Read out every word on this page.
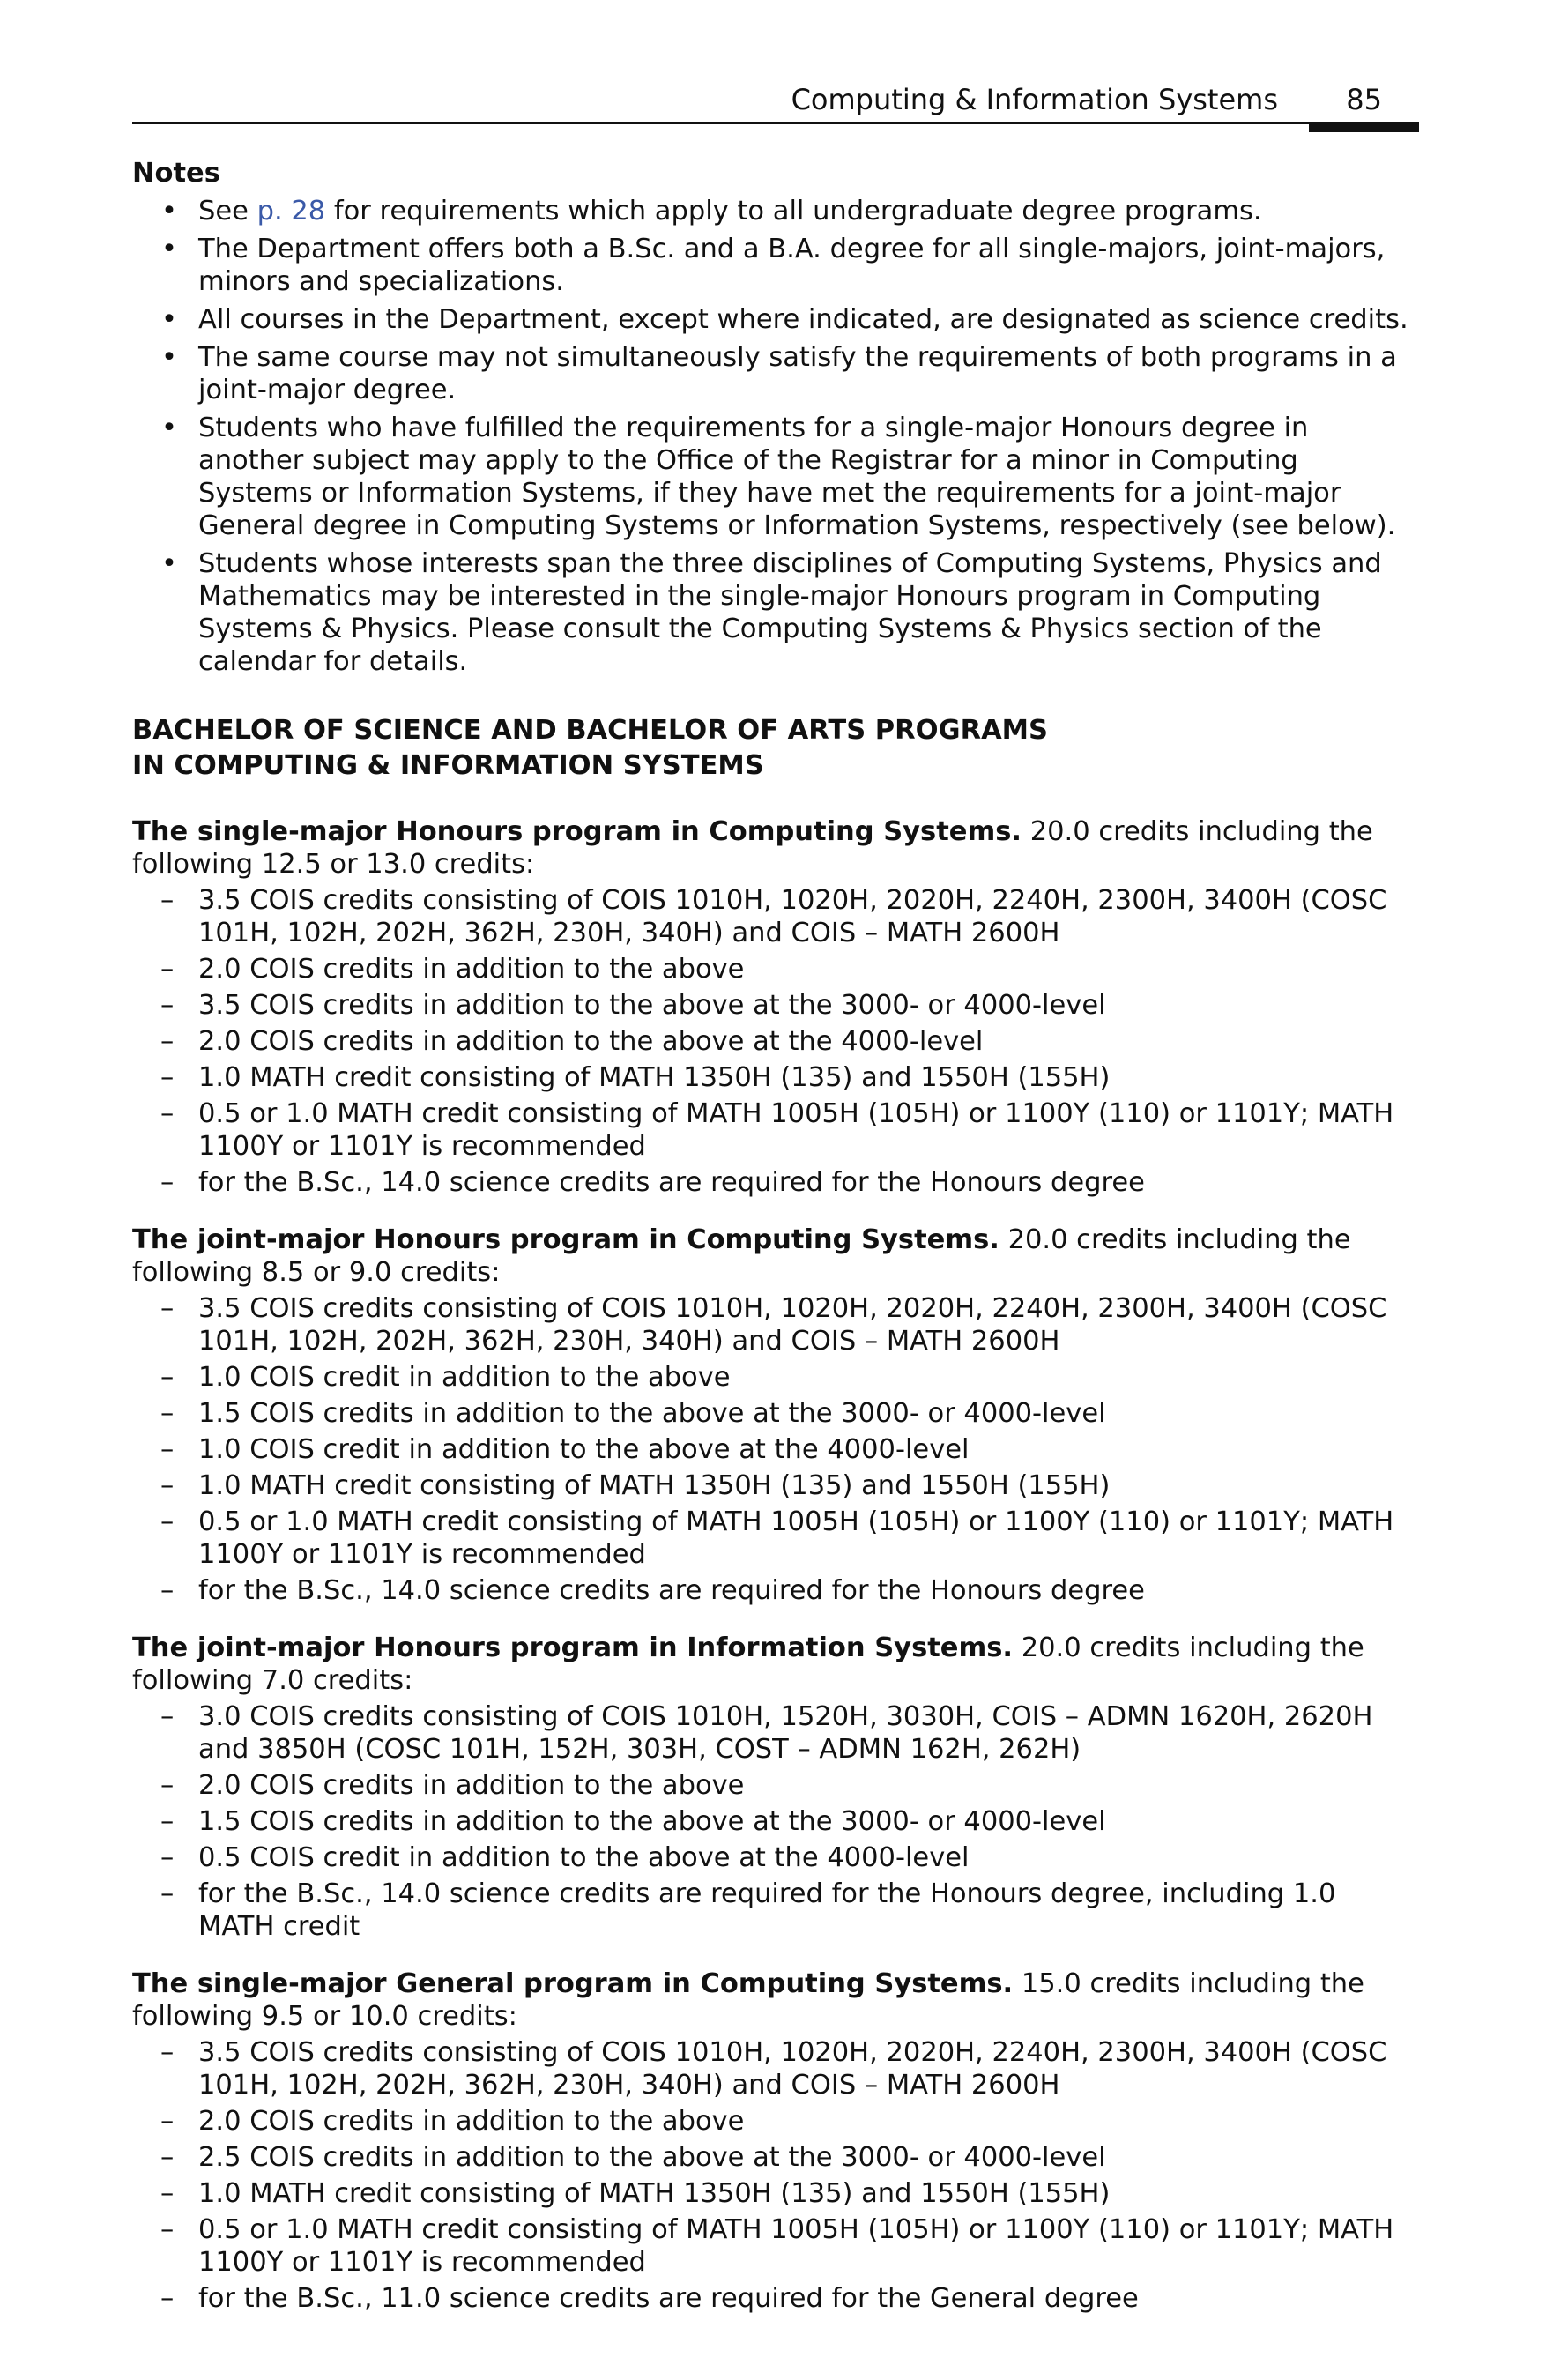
Computing & Information Systems 85
Notes
• See p. 28 for requirements which apply to all undergraduate degree programs.
• The Department offers both a B.Sc. and a B.A. degree for all single-majors, joint-majors, minors and specializations.
• All courses in the Department, except where indicated, are designated as science credits.
• The same course may not simultaneously satisfy the requirements of both programs in a joint-major degree.
• Students who have fulfilled the requirements for a single-major Honours degree in another subject may apply to the Office of the Registrar for a minor in Computing Systems or Information Systems, if they have met the requirements for a joint-major General degree in Computing Systems or Information Systems, respectively (see below).
• Students whose interests span the three disciplines of Computing Systems, Physics and Mathematics may be interested in the single-major Honours program in Computing Systems & Physics. Please consult the Computing Systems & Physics section of the calendar for details.
BACHELOR OF SCIENCE AND BACHELOR OF ARTS PROGRAMS
IN COMPUTING & INFORMATION SYSTEMS
The single-major Honours program in Computing Systems. 20.0 credits including the following 12.5 or 13.0 credits:
– 3.5 COIS credits consisting of COIS 1010H, 1020H, 2020H, 2240H, 2300H, 3400H (COSC 101H, 102H, 202H, 362H, 230H, 340H) and COIS – MATH 2600H
– 2.0 COIS credits in addition to the above
– 3.5 COIS credits in addition to the above at the 3000- or 4000-level
– 2.0 COIS credits in addition to the above at the 4000-level
– 1.0 MATH credit consisting of MATH 1350H (135) and 1550H (155H)
– 0.5 or 1.0 MATH credit consisting of MATH 1005H (105H) or 1100Y (110) or 1101Y; MATH 1100Y or 1101Y is recommended
– for the B.Sc., 14.0 science credits are required for the Honours degree
The joint-major Honours program in Computing Systems. 20.0 credits including the following 8.5 or 9.0 credits:
– 3.5 COIS credits consisting of COIS 1010H, 1020H, 2020H, 2240H, 2300H, 3400H (COSC 101H, 102H, 202H, 362H, 230H, 340H) and COIS – MATH 2600H
– 1.0 COIS credit in addition to the above
– 1.5 COIS credits in addition to the above at the 3000- or 4000-level
– 1.0 COIS credit in addition to the above at the 4000-level
– 1.0 MATH credit consisting of MATH 1350H (135) and 1550H (155H)
– 0.5 or 1.0 MATH credit consisting of MATH 1005H (105H) or 1100Y (110) or 1101Y; MATH 1100Y or 1101Y is recommended
– for the B.Sc., 14.0 science credits are required for the Honours degree
The joint-major Honours program in Information Systems. 20.0 credits including the following 7.0 credits:
– 3.0 COIS credits consisting of COIS 1010H, 1520H, 3030H, COIS – ADMN 1620H, 2620H and 3850H (COSC 101H, 152H, 303H, COST – ADMN 162H, 262H)
– 2.0 COIS credits in addition to the above
– 1.5 COIS credits in addition to the above at the 3000- or 4000-level
– 0.5 COIS credit in addition to the above at the 4000-level
– for the B.Sc., 14.0 science credits are required for the Honours degree, including 1.0 MATH credit
The single-major General program in Computing Systems. 15.0 credits including the following 9.5 or 10.0 credits:
– 3.5 COIS credits consisting of COIS 1010H, 1020H, 2020H, 2240H, 2300H, 3400H (COSC 101H, 102H, 202H, 362H, 230H, 340H) and COIS – MATH 2600H
– 2.0 COIS credits in addition to the above
– 2.5 COIS credits in addition to the above at the 3000- or 4000-level
– 1.0 MATH credit consisting of MATH 1350H (135) and 1550H (155H)
– 0.5 or 1.0 MATH credit consisting of MATH 1005H (105H) or 1100Y (110) or 1101Y; MATH 1100Y or 1101Y is recommended
– for the B.Sc., 11.0 science credits are required for the General degree
